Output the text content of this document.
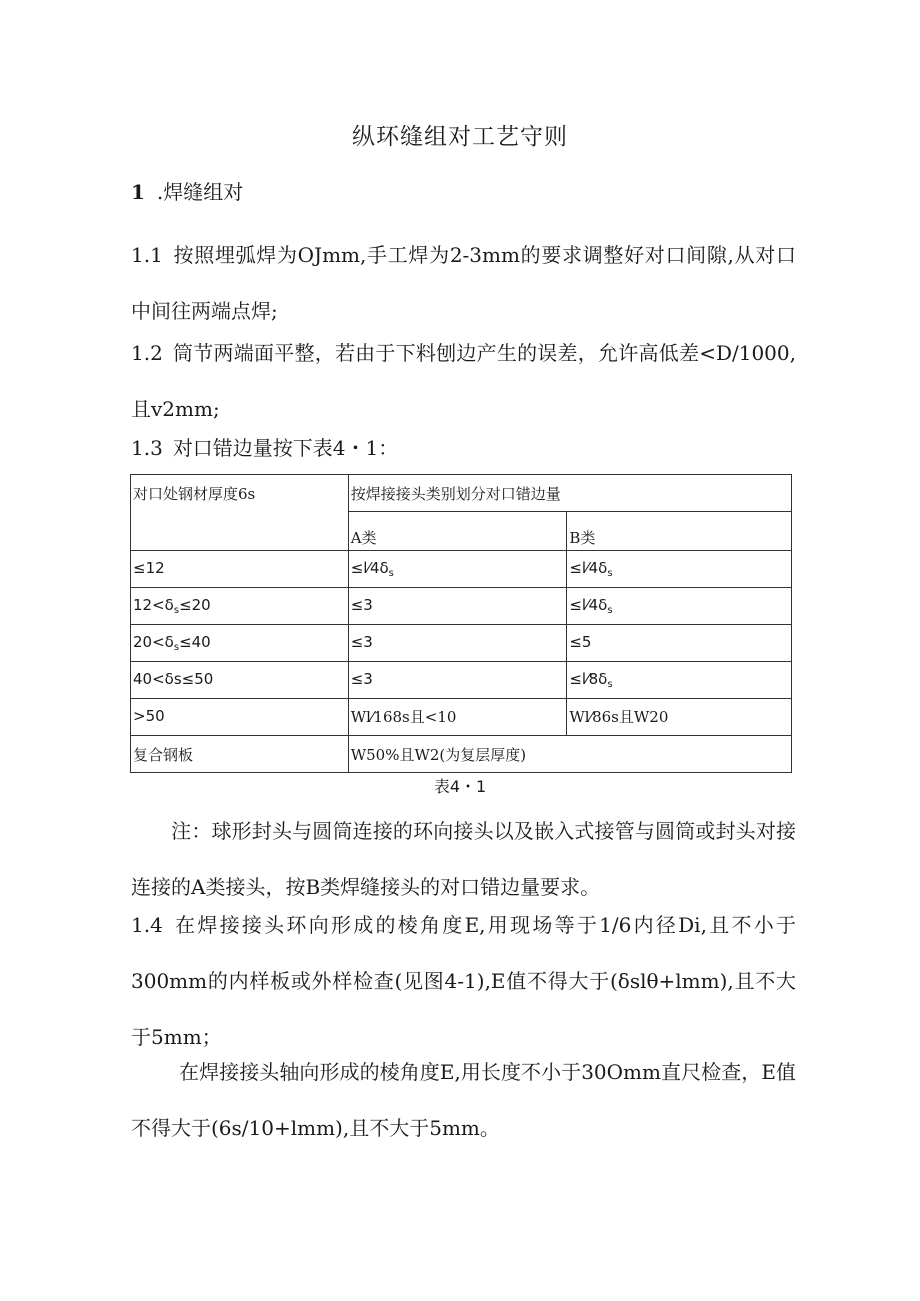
纵环缝组对工艺守则
1 .焊缝组对

1.1 按照埋弧焊为OJmm,手工焊为2-3mm的要求调整好对口间隙,从对口中间往两端点焊;

1.2 筒节两端面平整，若由于下料刨边产生的误差，允许高低差<D/1000,且v2mm;

1.3 对口错边量按下表4・1：

对口处钢材厚度6s	按焊接接头类别划分对口错边量	
	A类	B类
≤12	$\le l⁄4\delta_s$	$\le l⁄4\delta_s$
$12<\delta_s\le 20$	≤3	$\le l⁄4\delta_s$
$20<\delta_s\le 40$	≤3	≤5
40<δs≤50	≤3	$\le l⁄8\delta_s$
>50	Wl⁄168s且<10	Wl⁄86s且W20
复合钢板	W50%且W2(为复层厚度)	
表4・1

注：球形封头与圆筒连接的环向接头以及嵌入式接管与圆筒或封头对接连接的A类接头，按B类焊缝接头的对口错边量要求。

1.4 在焊接接头环向形成的棱角度E,用现场等于1/6内径Di,且不小于300mm的内样板或外样检查(见图4-1),E值不得大于(δslθ+lmm),且不大于5mm；

在焊接接头轴向形成的棱角度E,用长度不小于30Omm直尺检查，E值不得大于(6s/10+lmm),且不大于5mm。
